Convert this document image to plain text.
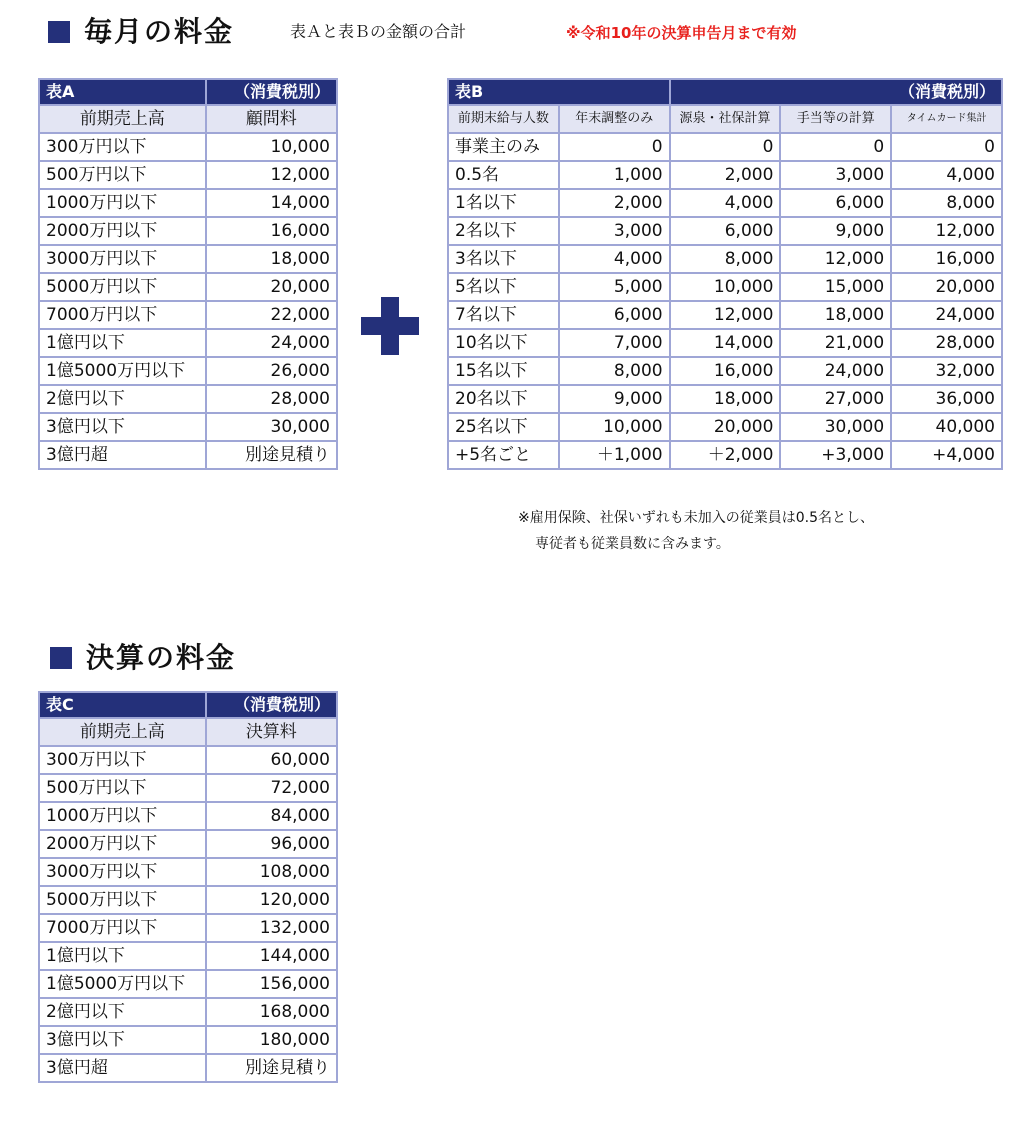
毎月の料金	表Ａと表Ｂの金額の合計	※令和10年の決算申告月まで有効
表A	（消費税別）
前期売上高	顧問料
300万円以下	10,000
500万円以下	12,000
1000万円以下	14,000
2000万円以下	16,000
3000万円以下	18,000
5000万円以下	20,000
7000万円以下	22,000
1億円以下	24,000
1億5000万円以下	26,000
2億円以下	28,000
3億円以下	30,000
3億円超	別途見積り
表B		（消費税別）		
前期末給与人数	年末調整のみ	源泉・社保計算	手当等の計算	タイムカード集計
事業主のみ	0	0	0	0
0.5名	1,000	2,000	3,000	4,000
1名以下	2,000	4,000	6,000	8,000
2名以下	3,000	6,000	9,000	12,000
3名以下	4,000	8,000	12,000	16,000
5名以下	5,000	10,000	15,000	20,000
7名以下	6,000	12,000	18,000	24,000
10名以下	7,000	14,000	21,000	28,000
15名以下	8,000	16,000	24,000	32,000
20名以下	9,000	18,000	27,000	36,000
25名以下	10,000	20,000	30,000	40,000
+5名ごと	＋1,000	＋2,000	+3,000	+4,000
※雇用保険、社保いずれも未加入の従業員は0.5名とし、
専従者も従業員数に含みます。
決算の料金
表C	（消費税別）
前期売上高	決算料
300万円以下	60,000
500万円以下	72,000
1000万円以下	84,000
2000万円以下	96,000
3000万円以下	108,000
5000万円以下	120,000
7000万円以下	132,000
1億円以下	144,000
1億5000万円以下	156,000
2億円以下	168,000
3億円以下	180,000
3億円超	別途見積り
